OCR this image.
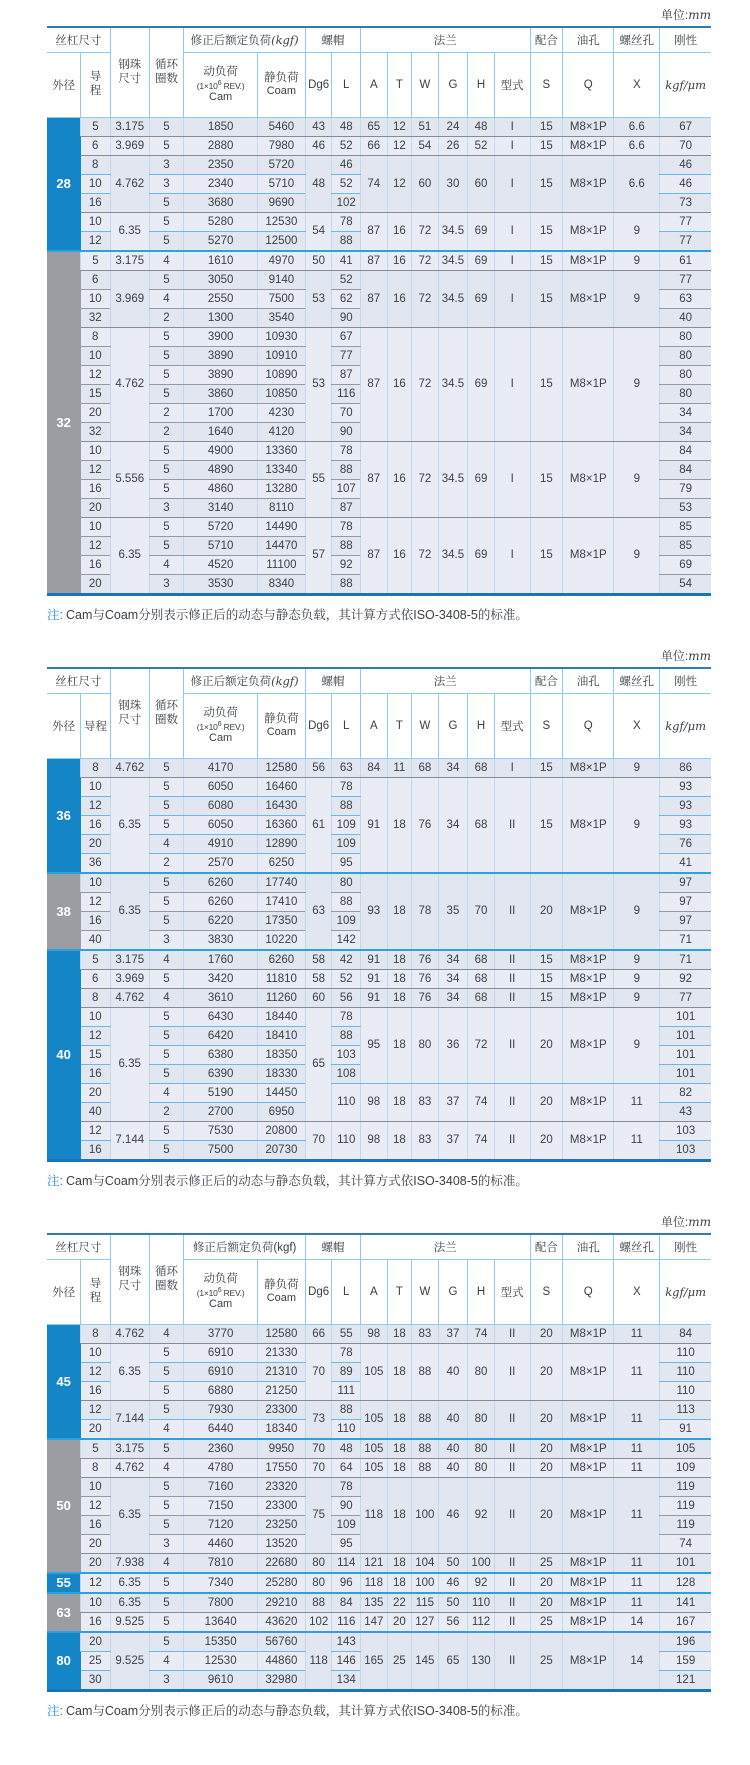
单位:mm
丝杠尺寸		钢珠
尺寸	循环
圈数	修正后额定负荷(kgf)		螺帽		法兰						配合	油孔	螺丝孔	刚性
外径	导
程			动负荷
($1\times 10^6$ REV.)
Cam	静负荷
Coam	Dg6	L	A	T	W	G	H	型式	S	Q	X	kgf/μm
28	5	3.175	5	1850	5460	43	48	65	12	51	24	48	I	15	M8×1P	6.6	67
	6	3.969	5	2880	7980	46	52	66	12	54	26	52	I	15	M8×1P	6.6	70
	8	4.762	3	2350	5720	48	46	74	12	60	30	60	I	15	M8×1P	6.6	46
	10		3	2340	5710		52										46
	16		5	3680	9690		102										73
	10	6.35	5	5280	12530	54	78	87	16	72	34.5	69	I	15	M8×1P	9	77
	12		5	5270	12500		88										77
32	5	3.175	4	1610	4970	50	41	87	16	72	34.5	69	I	15	M8×1P	9	61
	6	3.969	5	3050	9140	53	52	87	16	72	34.5	69	I	15	M8×1P	9	77
	10		4	2550	7500		62										63
	32		2	1300	3540		90										40
	8	4.762	5	3900	10930	53	67	87	16	72	34.5	69	I	15	M8×1P	9	80
	10		5	3890	10910		77										80
	12		5	3890	10890		87										80
	15		5	3860	10850		116										80
	20		2	1700	4230		70										34
	32		2	1640	4120		90										34
	10	5.556	5	4900	13360	55	78	87	16	72	34.5	69	I	15	M8×1P	9	84
	12		5	4890	13340		88										84
	16		5	4860	13280		107										79
	20		3	3140	8110		87										53
	10	6.35	5	5720	14490	57	78	87	16	72	34.5	69	I	15	M8×1P	9	85
	12		5	5710	14470		88										85
	16		4	4520	11100		92										69
	20		3	3530	8340		88										54
注: Cam与Coam分别表示修正后的动态与静态负载，其计算方式依ISO-3408-5的标准。
单位:mm
丝杠尺寸		钢珠
尺寸	循环
圈数	修正后额定负荷(kgf)		螺帽		法兰						配合	油孔	螺丝孔	刚性
外径	导程			动负荷
($1\times 10^6$ REV.)
Cam	静负荷
Coam	Dg6	L	A	T	W	G	H	型式	S	Q	X	kgf/μm
36	8	4.762	5	4170	12580	56	63	84	11	68	34	68	I	15	M8×1P	9	86
	10	6.35	5	6050	16460	61	78	91	18	76	34	68	II	15	M8×1P	9	93
	12		5	6080	16430		88										93
	16		5	6050	16360		109										93
	20		4	4910	12890		109										76
	36		2	2570	6250		95										41
38	10	6.35	5	6260	17740	63	80	93	18	78	35	70	II	20	M8×1P	9	97
	12		5	6260	17410		88										97
	16		5	6220	17350		109										97
	40		3	3830	10220		142										71
40	5	3.175	4	1760	6260	58	42	91	18	76	34	68	II	15	M8×1P	9	71
	6	3.969	5	3420	11810	58	52	91	18	76	34	68	II	15	M8×1P	9	92
	8	4.762	4	3610	11260	60	56	91	18	76	34	68	II	15	M8×1P	9	77
	10	6.35	5	6430	18440	65	78	95	18	80	36	72	II	20	M8×1P	9	101
	12		5	6420	18410		88										101
	15		5	6380	18350		103										101
	16		5	6390	18330		108										101
	20		4	5190	14450		110	98	18	83	37	74	II	20	M8×1P	11	82
	40		2	2700	6950												43
	12	7.144	5	7530	20800	70	110	98	18	83	37	74	II	20	M8×1P	11	103
	16		5	7500	20730												103
注: Cam与Coam分别表示修正后的动态与静态负载，其计算方式依ISO-3408-5的标准。
单位:mm
丝杠尺寸		钢珠
尺寸	循环
圈数	修正后额定负荷(kgf)		螺帽		法兰						配合	油孔	螺丝孔	刚性
外径	导
程			动负荷
($1\times 10^6$ REV.)
Cam	静负荷
Coam	Dg6	L	A	T	W	G	H	型式	S	Q	X	kgf/μm
45	8	4.762	4	3770	12580	66	55	98	18	83	37	74	II	20	M8×1P	11	84
	10	6.35	5	6910	21330	70	78	105	18	88	40	80	II	20	M8×1P	11	110
	12		5	6910	21310		89										110
	16		5	6880	21250		111										110
	12	7.144	5	7930	23300	73	88	105	18	88	40	80	II	20	M8×1P	11	113
	20		4	6440	18340		110										91
50	5	3.175	5	2360	9950	70	48	105	18	88	40	80	II	20	M8×1P	11	105
	8	4.762	4	4780	17550	70	64	105	18	88	40	80	II	20	M8×1P	11	109
	10	6.35	5	7160	23320	75	78	118	18	100	46	92	II	20	M8×1P	11	119
	12		5	7150	23300		90										119
	16		5	7120	23250		109										119
	20		3	4460	13520		95										74
	20	7.938	4	7810	22680	80	114	121	18	104	50	100	II	25	M8×1P	11	101
55	12	6.35	5	7340	25280	80	96	118	18	100	46	92	II	20	M8×1P	11	128
63	10	6.35	5	7800	29210	88	84	135	22	115	50	110	II	20	M8×1P	11	141
	16	9.525	5	13640	43620	102	116	147	20	127	56	112	II	25	M8×1P	14	167
80	20	9.525	5	15350	56760	118	143	165	25	145	65	130	II	25	M8×1P	14	196
	25		4	12530	44860		146										159
	30		3	9610	32980		134										121
注: Cam与Coam分别表示修正后的动态与静态负载，其计算方式依ISO-3408-5的标准。
